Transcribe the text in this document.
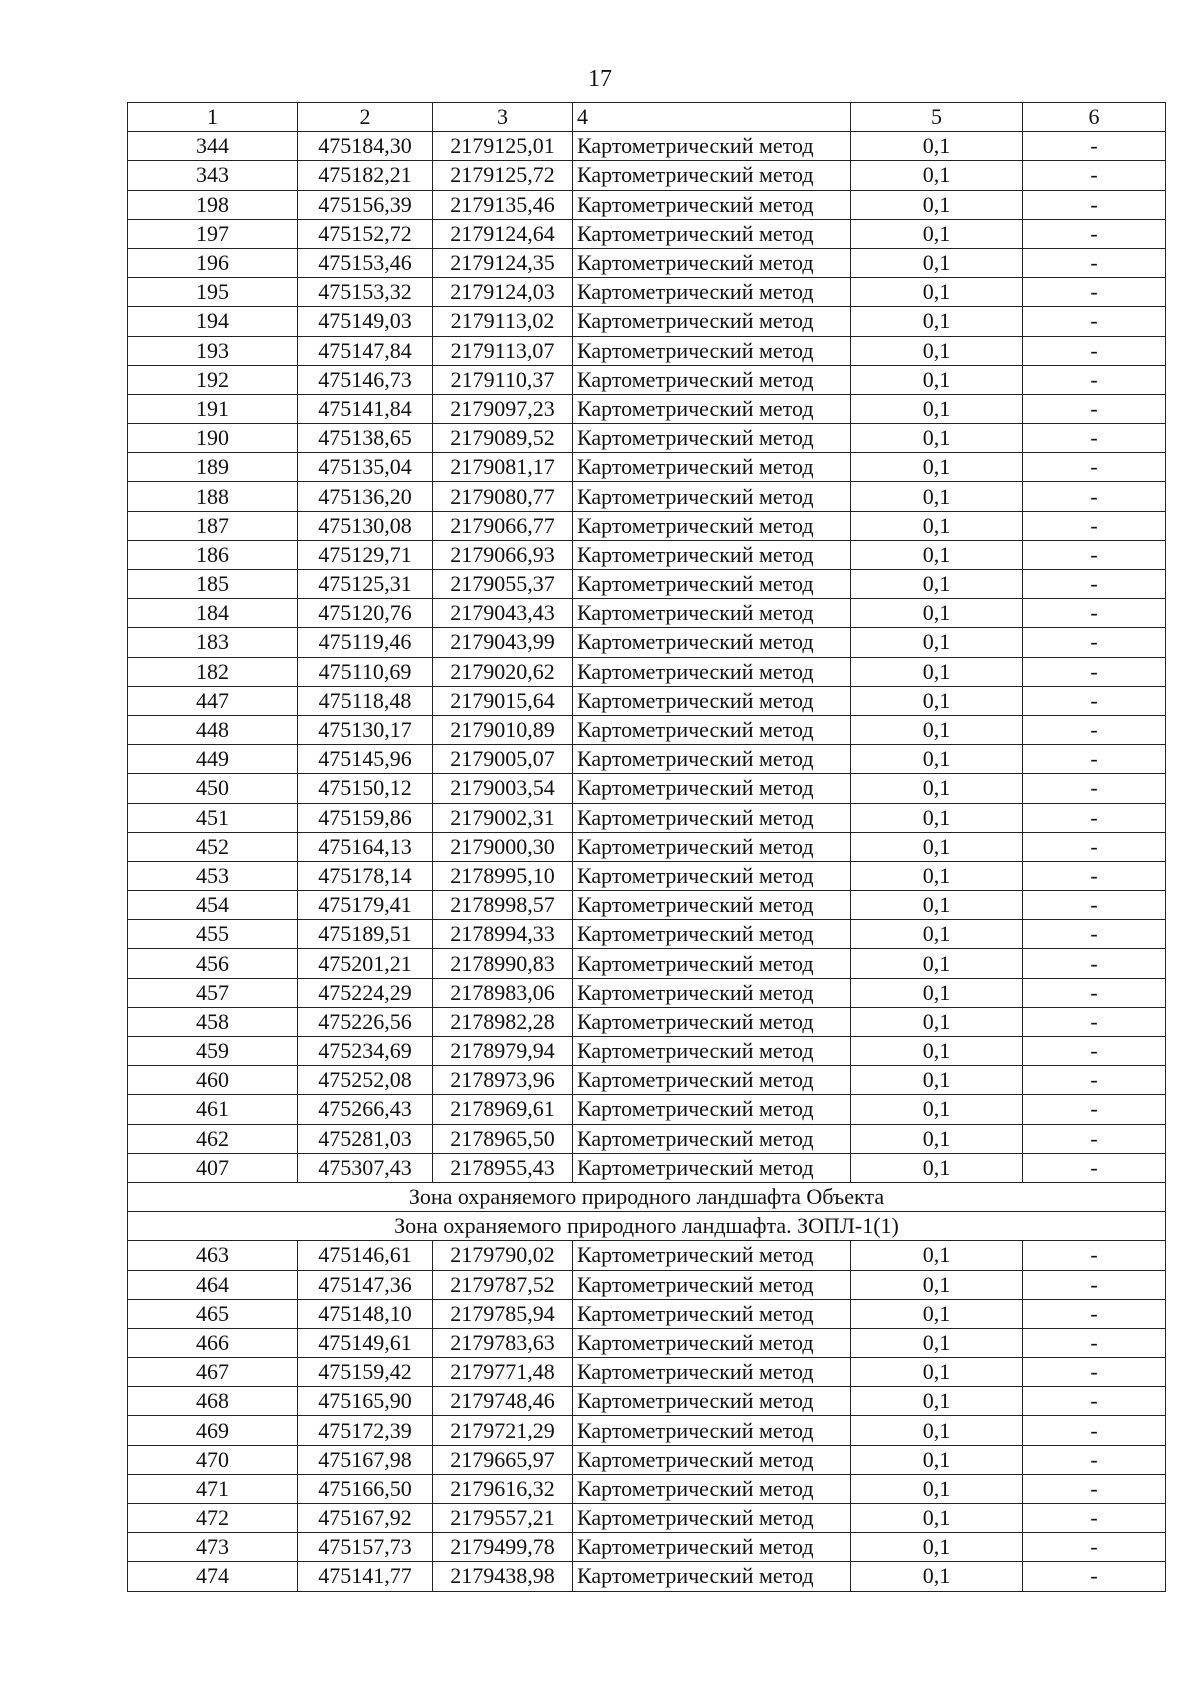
17
1	2	3	4	5	6
344	475184,30	2179125,01	Картометрический метод	0,1	-
343	475182,21	2179125,72	Картометрический метод	0,1	-
198	475156,39	2179135,46	Картометрический метод	0,1	-
197	475152,72	2179124,64	Картометрический метод	0,1	-
196	475153,46	2179124,35	Картометрический метод	0,1	-
195	475153,32	2179124,03	Картометрический метод	0,1	-
194	475149,03	2179113,02	Картометрический метод	0,1	-
193	475147,84	2179113,07	Картометрический метод	0,1	-
192	475146,73	2179110,37	Картометрический метод	0,1	-
191	475141,84	2179097,23	Картометрический метод	0,1	-
190	475138,65	2179089,52	Картометрический метод	0,1	-
189	475135,04	2179081,17	Картометрический метод	0,1	-
188	475136,20	2179080,77	Картометрический метод	0,1	-
187	475130,08	2179066,77	Картометрический метод	0,1	-
186	475129,71	2179066,93	Картометрический метод	0,1	-
185	475125,31	2179055,37	Картометрический метод	0,1	-
184	475120,76	2179043,43	Картометрический метод	0,1	-
183	475119,46	2179043,99	Картометрический метод	0,1	-
182	475110,69	2179020,62	Картометрический метод	0,1	-
447	475118,48	2179015,64	Картометрический метод	0,1	-
448	475130,17	2179010,89	Картометрический метод	0,1	-
449	475145,96	2179005,07	Картометрический метод	0,1	-
450	475150,12	2179003,54	Картометрический метод	0,1	-
451	475159,86	2179002,31	Картометрический метод	0,1	-
452	475164,13	2179000,30	Картометрический метод	0,1	-
453	475178,14	2178995,10	Картометрический метод	0,1	-
454	475179,41	2178998,57	Картометрический метод	0,1	-
455	475189,51	2178994,33	Картометрический метод	0,1	-
456	475201,21	2178990,83	Картометрический метод	0,1	-
457	475224,29	2178983,06	Картометрический метод	0,1	-
458	475226,56	2178982,28	Картометрический метод	0,1	-
459	475234,69	2178979,94	Картометрический метод	0,1	-
460	475252,08	2178973,96	Картометрический метод	0,1	-
461	475266,43	2178969,61	Картометрический метод	0,1	-
462	475281,03	2178965,50	Картометрический метод	0,1	-
407	475307,43	2178955,43	Картометрический метод	0,1	-
Зона охраняемого природного ландшафта Объекта					
Зона охраняемого природного ландшафта. ЗОПЛ-1(1)					
463	475146,61	2179790,02	Картометрический метод	0,1	-
464	475147,36	2179787,52	Картометрический метод	0,1	-
465	475148,10	2179785,94	Картометрический метод	0,1	-
466	475149,61	2179783,63	Картометрический метод	0,1	-
467	475159,42	2179771,48	Картометрический метод	0,1	-
468	475165,90	2179748,46	Картометрический метод	0,1	-
469	475172,39	2179721,29	Картометрический метод	0,1	-
470	475167,98	2179665,97	Картометрический метод	0,1	-
471	475166,50	2179616,32	Картометрический метод	0,1	-
472	475167,92	2179557,21	Картометрический метод	0,1	-
473	475157,73	2179499,78	Картометрический метод	0,1	-
474	475141,77	2179438,98	Картометрический метод	0,1	-
